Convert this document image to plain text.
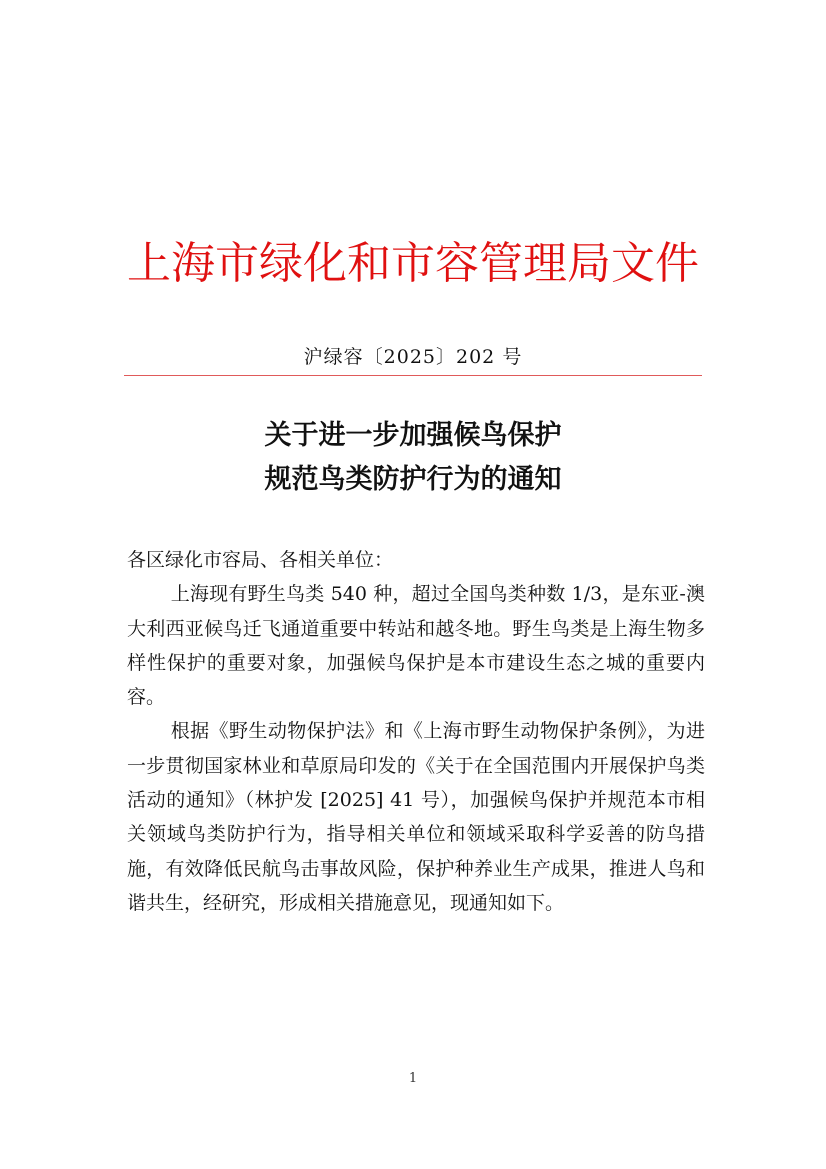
上海市绿化和市容管理局文件
沪绿容〔2025〕202 号
关于进一步加强候鸟保护
规范鸟类防护行为的通知

各区绿化市容局、各相关单位：

上海现有野生鸟类 540 种，超过全国鸟类种数 1/3，是东亚-澳大利西亚候鸟迁飞通道重要中转站和越冬地。野生鸟类是上海生物多样性保护的重要对象，加强候鸟保护是本市建设生态之城的重要内容。

根据《野生动物保护法》和《上海市野生动物保护条例》，为进一步贯彻国家林业和草原局印发的《关于在全国范围内开展保护鸟类活动的通知》（林护发 [2025] 41 号），加强候鸟保护并规范本市相关领域鸟类防护行为，指导相关单位和领域采取科学妥善的防鸟措施，有效降低民航鸟击事故风险，保护种养业生产成果，推进人鸟和谐共生，经研究，形成相关措施意见，现通知如下。

1
